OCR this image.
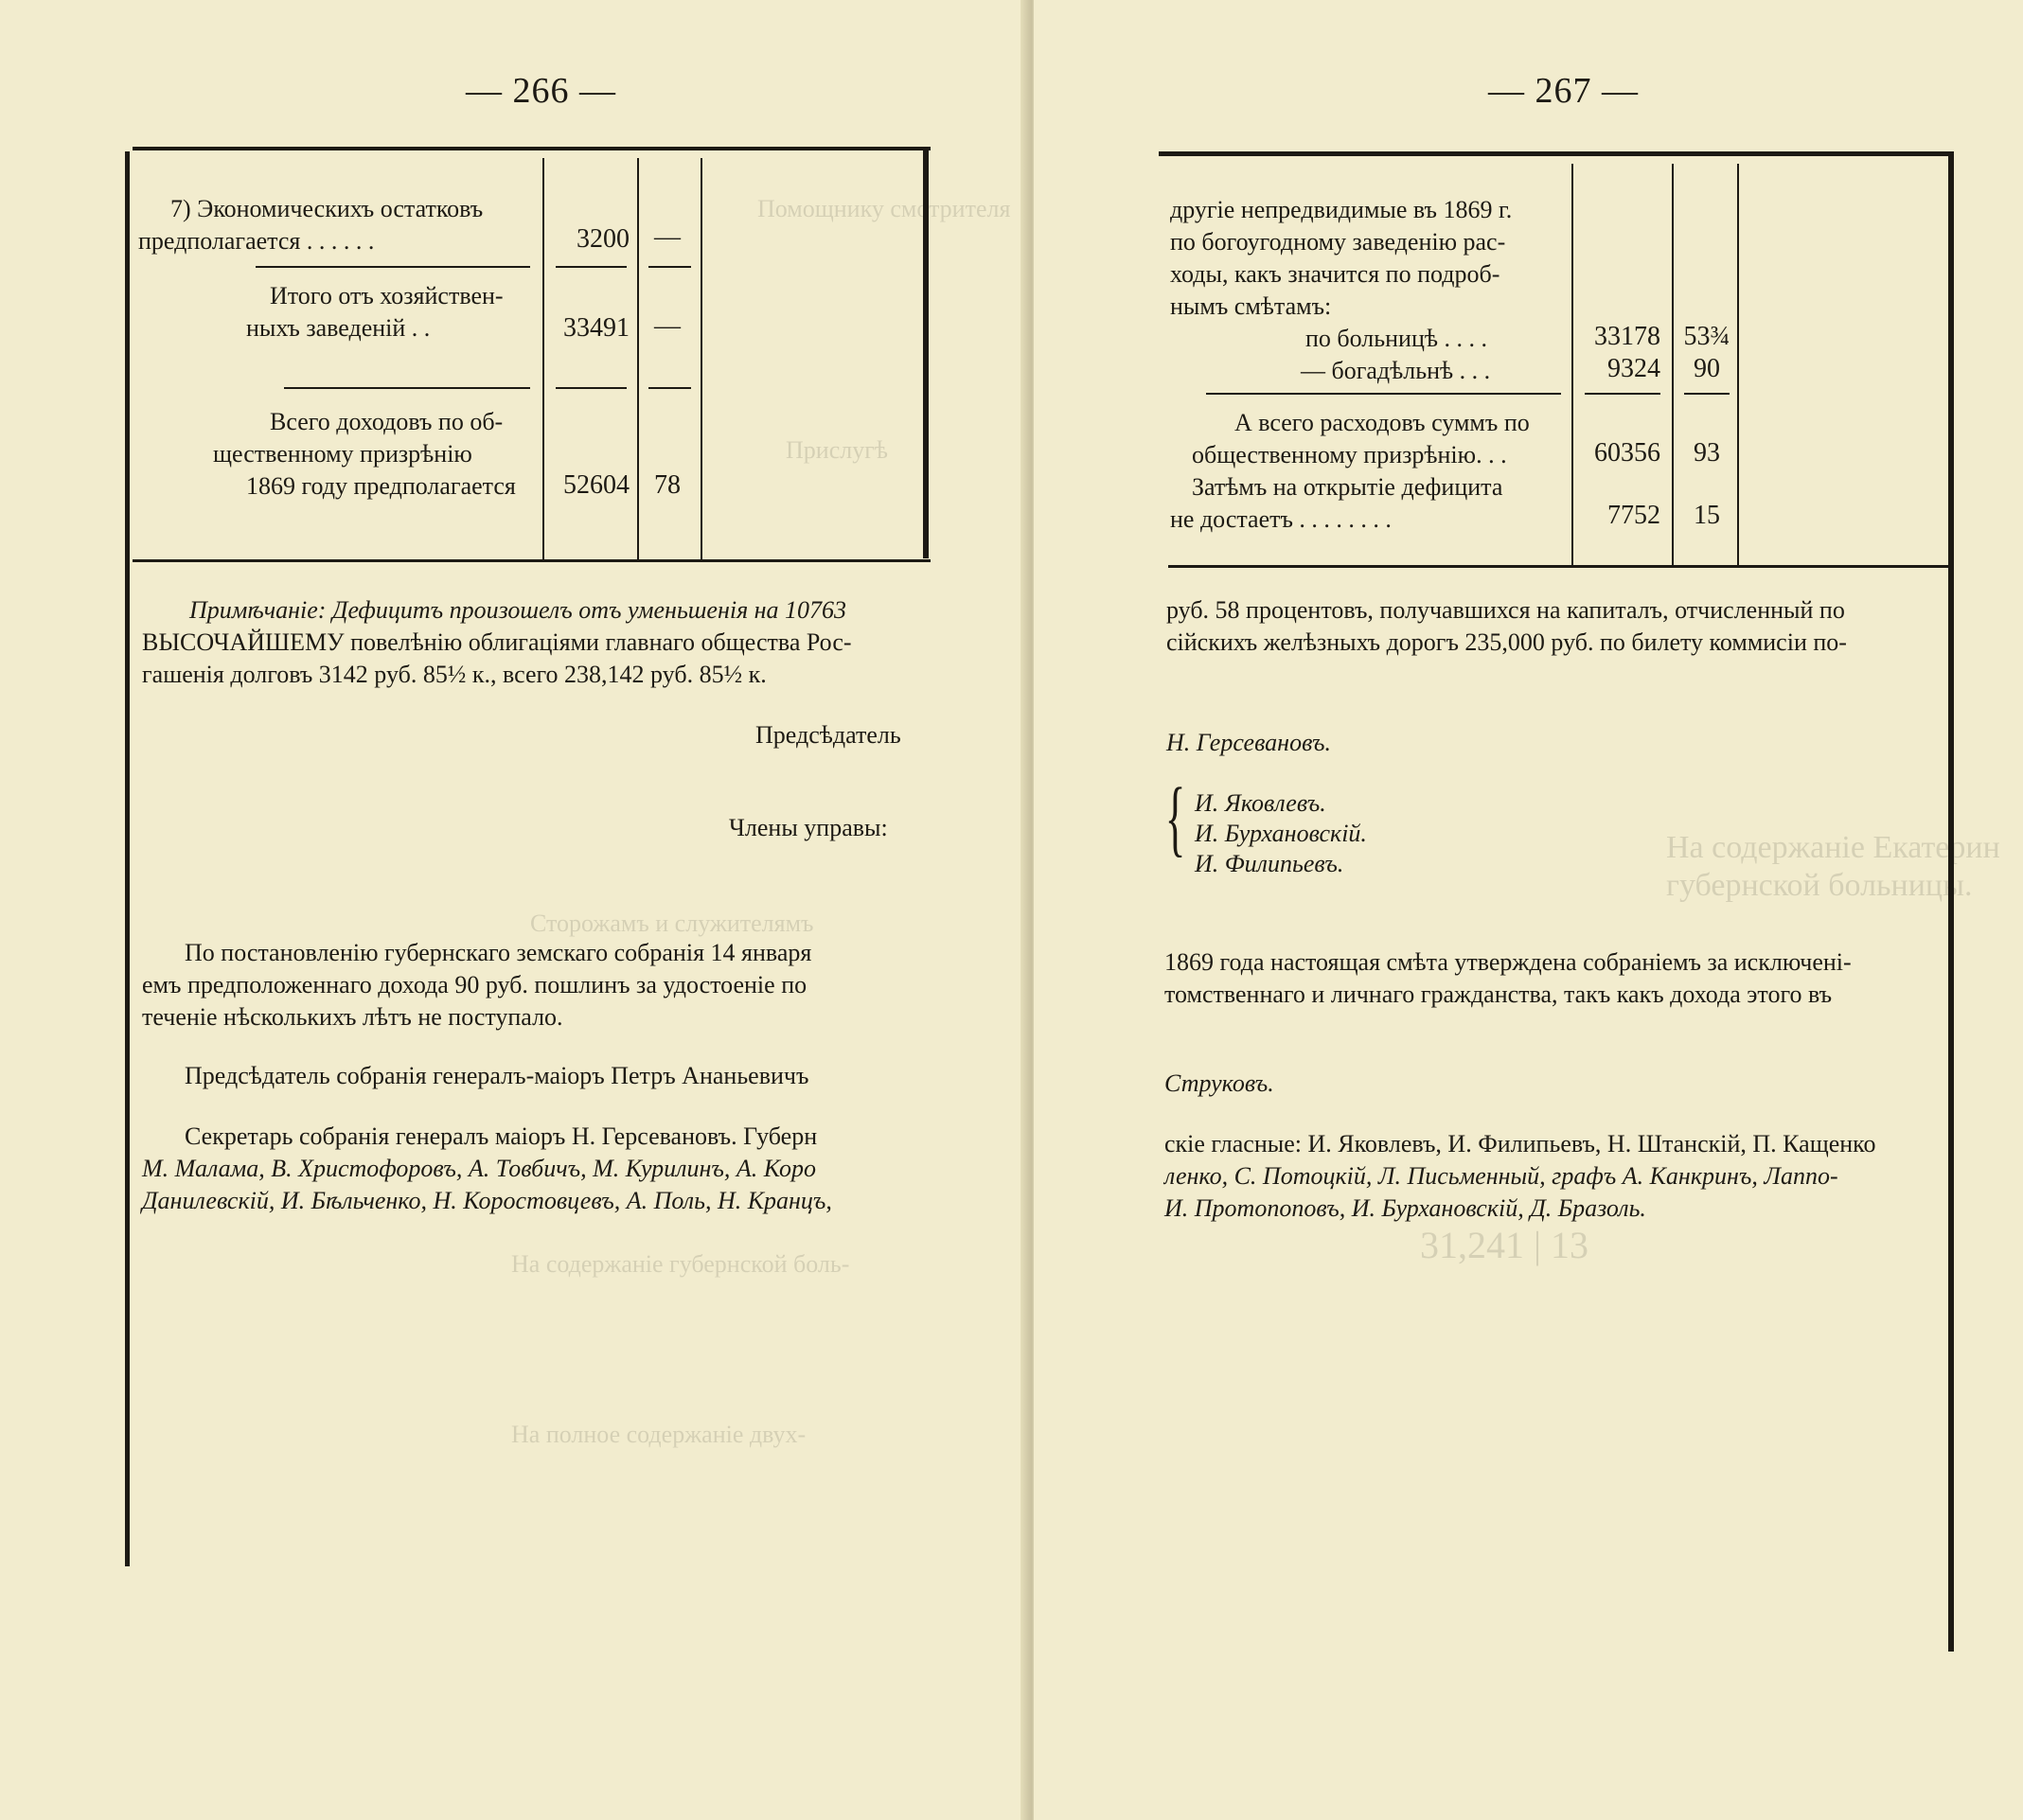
— 266 —
7) Экономическихъ остатковъ
предполагается . . . . . .	3200 —
Итого отъ хозяйствен-
ныхъ заведеній . .	33491 —
Всего доходовъ по об-
щественному призрѣнію
1869 году предполагается	52604 78
Помощнику смотрителя
Прислугѣ
Сторожамъ и служителямъ
На содержаніе губернской боль-
На полное содержаніе двух-
Примѣчаніе: Дефицитъ произошелъ отъ уменьшенія на 10763
ВЫСОЧАЙШЕМУ повелѣнію облигаціями главнаго общества Рос-
гашенія долговъ 3142 руб. 85½ к., всего 238,142 руб. 85½ к.
Предсѣдатель
Члены управы:
По постановленію губернскаго земскаго собранія 14 января
емъ предположеннаго дохода 90 руб. пошлинъ за удостоеніе по
теченіе нѣсколькихъ лѣтъ не поступало.
Предсѣдатель собранія генералъ-маіоръ Петръ Ананьевичъ
Секретарь собранія генералъ маіоръ Н. Герсевановъ. Губерн
М. Малама, В. Христофоровъ, А. Товбичъ, М. Курилинъ, А. Коро
Данилевскій, И. Бѣльченко, Н. Коростовцевъ, А. Поль, Н. Кранцъ,
— 267 —
другіе непредвидимые въ 1869 г.
по богоугодному заведенію рас-
ходы, какъ значится по подроб-
нымъ смѣтамъ:
по больницѣ . . . .	33178 53¾
— богадѣльнѣ . . .	9324	90
А всего расходовъ суммъ по
общественному призрѣнію. . .	60356	93
Затѣмъ на открытіе дефицита
не достаетъ . . . . . . . .	7752	15
На содержаніе Екатерин
губернской больницы.
31,241 | 13
руб. 58 процентовъ, получавшихся на капиталъ, отчисленный по
сійскихъ желѣзныхъ дорогъ 235,000 руб. по билету коммисіи по-
Н. Герсевановъ.
{ И. Яковлевъ.
И. Бурхановскій.
И. Филипьевъ.
1869 года настоящая смѣта утверждена собраніемъ за исключені-
томственнаго и личнаго гражданства, такъ какъ дохода этого въ
Струковъ.
скіе гласные: И. Яковлевъ, И. Филипьевъ, Н. Штанскій, П. Кащенко
ленко, С. Потоцкій, Л. Письменный, графъ А. Канкринъ, Лаппо-
И. Протопоповъ, И. Бурхановскій, Д. Бразоль.
